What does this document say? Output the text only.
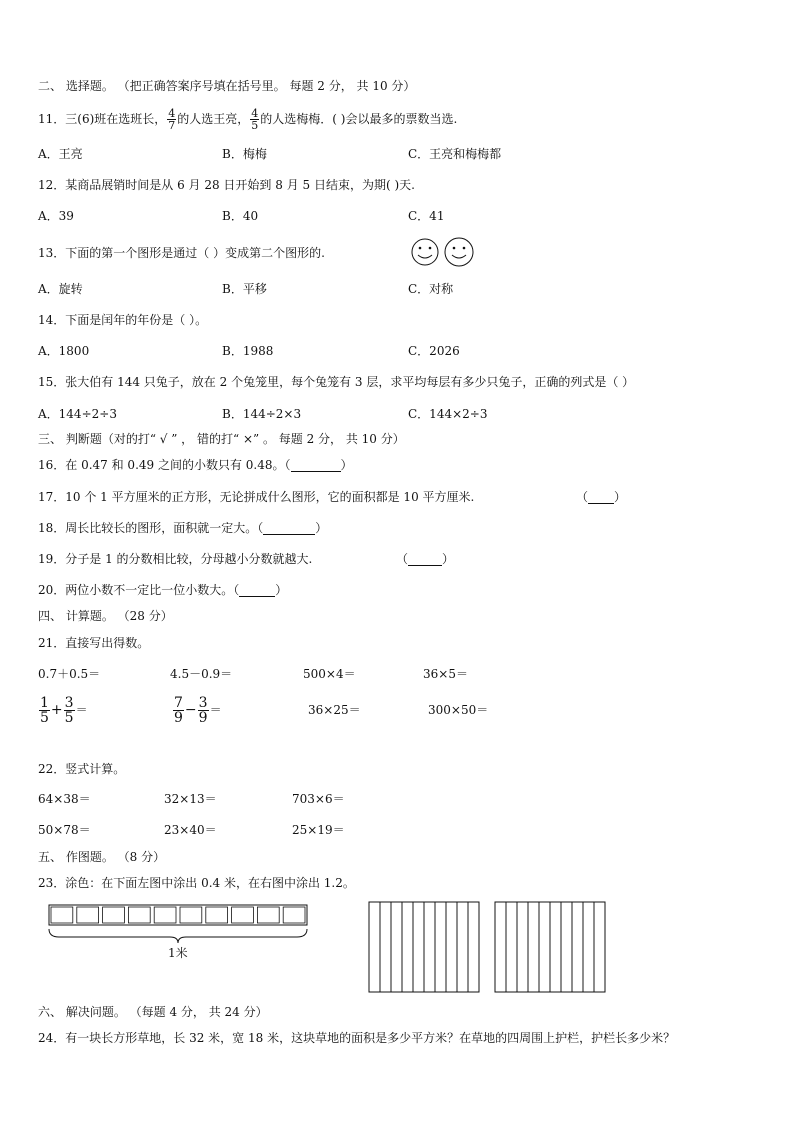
二、 选择题。 （把正确答案序号填在括号里。 每题 2 分， 共 10 分）
11．三(6)班在选班长， $\frac{4}{7}$ 的人选王亮， $\frac{4}{5}$ 的人选梅梅．( )会以最多的票数当选.
A．王亮	B．梅梅	C．王亮和梅梅都
12．某商品展销时间是从 6 月 28 日开始到 8 月 5 日结束，为期( )天.
A．39	B．40	C．41
13．下面的第一个图形是通过（ ）变成第二个图形的.
A．旋转	B．平移	C．对称
14．下面是闰年的年份是（ ）。
A．1800	B．1988	C．2026
15．张大伯有 144 只兔子，放在 2 个兔笼里，每个兔笼有 3 层，求平均每层有多少只兔子，正确的列式是（ ）
A．144÷2÷3	B．144÷2×3	C．144×2÷3
三、 判断题（对的打“ √ ” ， 错的打“ ×” 。 每题 2 分， 共 10 分）
16．在 0.47 和 0.49 之间的小数只有 0.48。（	）
17．10 个 1 平方厘米的正方形，无论拼成什么图形，它的面积都是 10 平方厘米.	（ ）
18．周长比较长的图形，面积就一定大。（	）
19．分子是 1 的分数相比较，分母越小分数就越大.	（	）
20．两位小数不一定比一位小数大。（	）
四、 计算题。 （28 分）
21．直接写出得数。
0.7＋0.5＝	4.5－0.9＝	500×4＝	36×5＝
$\frac{1}{5} + \frac{3}{5}$ ＝	$\frac{7}{9} - \frac{3}{9}$ ＝	36×25＝	300×50＝
22．竖式计算。
64×38＝	32×13＝	703×6＝
50×78＝	23×40＝	25×19＝
五、 作图题。 （8 分）
23．涂色：在下面左图中涂出 0.4 米，在右图中涂出 1.2。
1米
六、 解决问题。 （每题 4 分， 共 24 分）
24．有一块长方形草地，长 32 米，宽 18 米，这块草地的面积是多少平方米？在草地的四周围上护栏，护栏长多少米？
